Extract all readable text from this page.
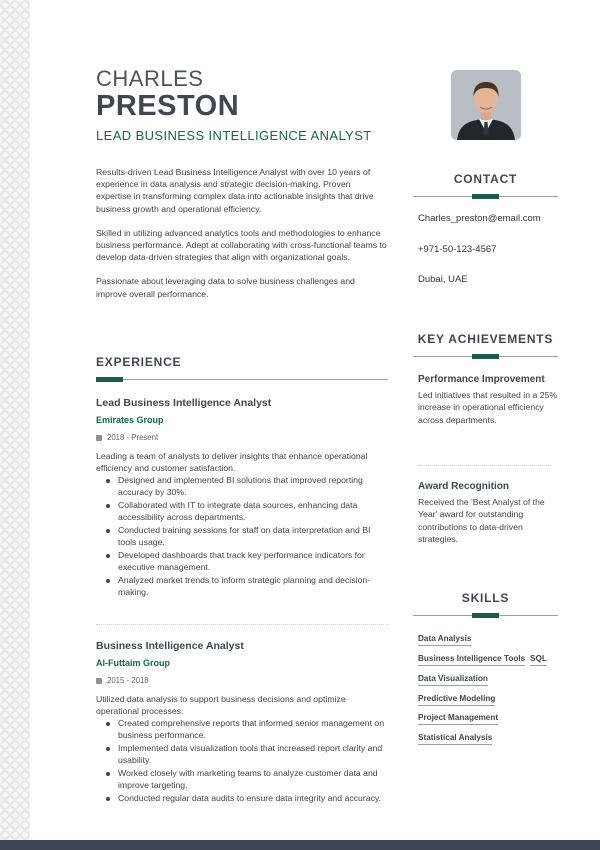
CHARLES
PRESTON
LEAD BUSINESS INTELLIGENCE ANALYST

Results-driven Lead Business Intelligence Analyst with over 10 years of experience in data analysis and strategic decision-making. Proven expertise in transforming complex data into actionable insights that drive business growth and operational efficiency.

Skilled in utilizing advanced analytics tools and methodologies to enhance business performance. Adept at collaborating with cross-functional teams to develop data-driven strategies that align with organizational goals.

Passionate about leveraging data to solve business challenges and improve overall performance.

EXPERIENCE
Lead Business Intelligence Analyst
Emirates Group
2018 - Present
Leading a team of analysts to deliver insights that enhance operational efficiency and customer satisfaction.
Designed and implemented BI solutions that improved reporting accuracy by 30%.
Collaborated with IT to integrate data sources, enhancing data accessibility across departments.
Conducted training sessions for staff on data interpretation and BI tools usage.
Developed dashboards that track key performance indicators for executive management.
Analyzed market trends to inform strategic planning and decision-making.
Business Intelligence Analyst
Al-Futtaim Group
2015 - 2018
Utilized data analysis to support business decisions and optimize operational processes.
Created comprehensive reports that informed senior management on business performance.
Implemented data visualization tools that increased report clarity and usability.
Worked closely with marketing teams to analyze customer data and improve targeting.
Conducted regular data audits to ensure data integrity and accuracy.
CONTACT
Charles_preston@email.com
+971-50-123-4567
Dubai, UAE
KEY ACHIEVEMENTS
Performance Improvement
Led initiatives that resulted in a 25% increase in operational efficiency across departments.
Award Recognition
Received the 'Best Analyst of the Year' award for outstanding contributions to data-driven strategies.
SKILLS
Data Analysis
Business Intelligence Tools SQL
Data Visualization
Predictive Modeling
Project Management
Statistical Analysis
